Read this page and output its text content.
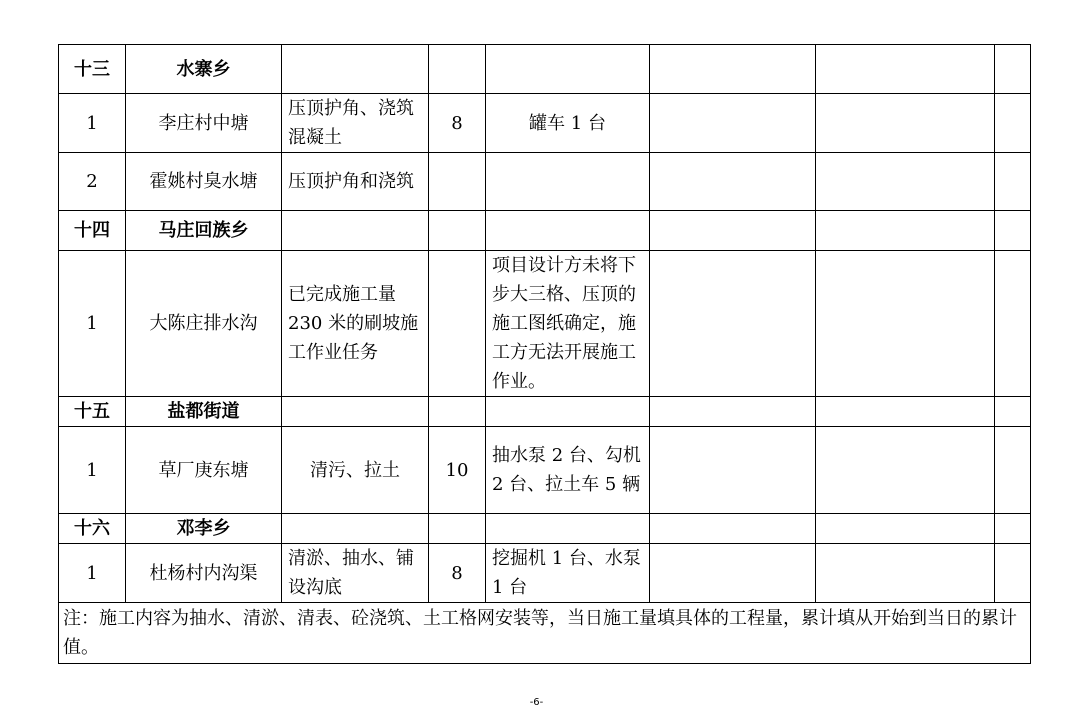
十三	水寨乡						
1	李庄村中塘	压顶护角、浇筑混凝土	8	罐车 1 台			
2	霍姚村臭水塘	压顶护角和浇筑					
十四	马庄回族乡						
1	大陈庄排水沟	已完成施工量 230 米的刷坡施工作业任务		项目设计方未将下步大三格、压顶的施工图纸确定，施工方无法开展施工作业。			
十五	盐都街道						
1	草厂庚东塘	清污、拉土	10	抽水泵 2 台、勾机 2 台、拉土车 5 辆			
十六	邓李乡						
1	杜杨村内沟渠	清淤、抽水、铺设沟底	8	挖掘机 1 台、水泵 1 台			
注：施工内容为抽水、清淤、清表、砼浇筑、土工格网安装等，当日施工量填具体的工程量，累计填从开始到当日的累计值。							
-6-
